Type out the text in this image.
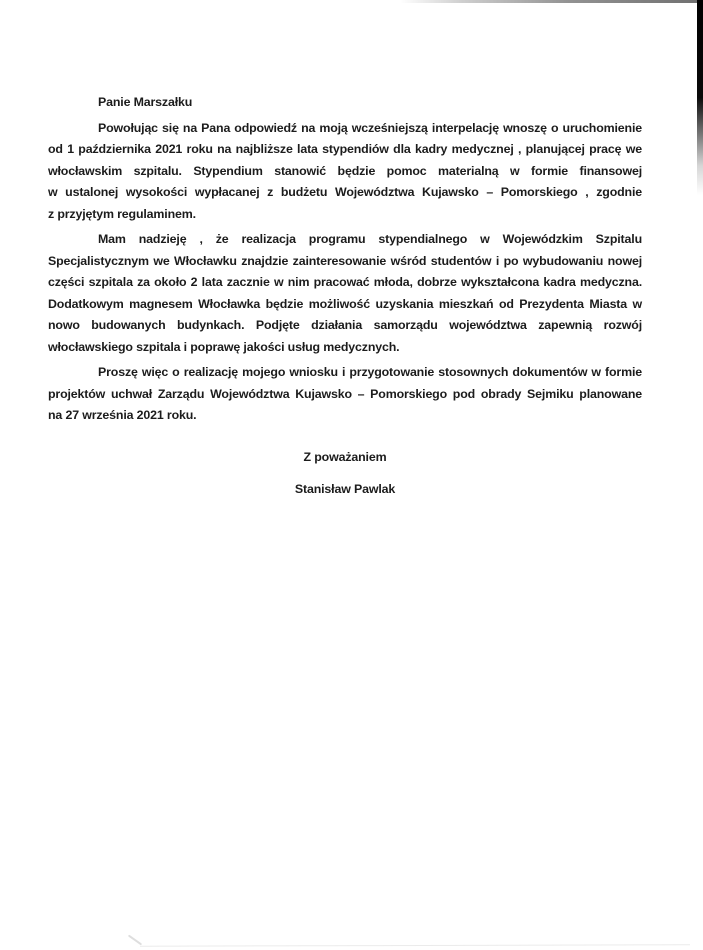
Panie Marszałku

Powołując się na Pana odpowiedź na moją wcześniejszą interpelację wnoszę o uruchomienie
od 1 października 2021 roku na najbliższe lata stypendiów dla kadry medycznej , planującej pracę we
włocławskim szpitalu. Stypendium stanowić będzie pomoc materialną w formie finansowej
w ustalonej wysokości wypłacanej z budżetu Województwa Kujawsko – Pomorskiego , zgodnie
z przyjętym regulaminem.
Mam nadzieję , że realizacja programu stypendialnego w Wojewódzkim Szpitalu
Specjalistycznym we Włocławku znajdzie zainteresowanie wśród studentów i po wybudowaniu nowej
części szpitala za około 2 lata zacznie w nim pracować młoda, dobrze wykształcona kadra medyczna.
Dodatkowym magnesem Włocławka będzie możliwość uzyskania mieszkań od Prezydenta Miasta w
nowo budowanych budynkach. Podjęte działania samorządu województwa zapewnią rozwój
włocławskiego szpitala i poprawę jakości usług medycznych.
Proszę więc o realizację mojego wniosku i przygotowanie stosownych dokumentów w formie
projektów uchwał Zarządu Województwa Kujawsko – Pomorskiego pod obrady Sejmiku planowane
na 27 września 2021 roku.
Z poważaniem
Stanisław Pawlak
